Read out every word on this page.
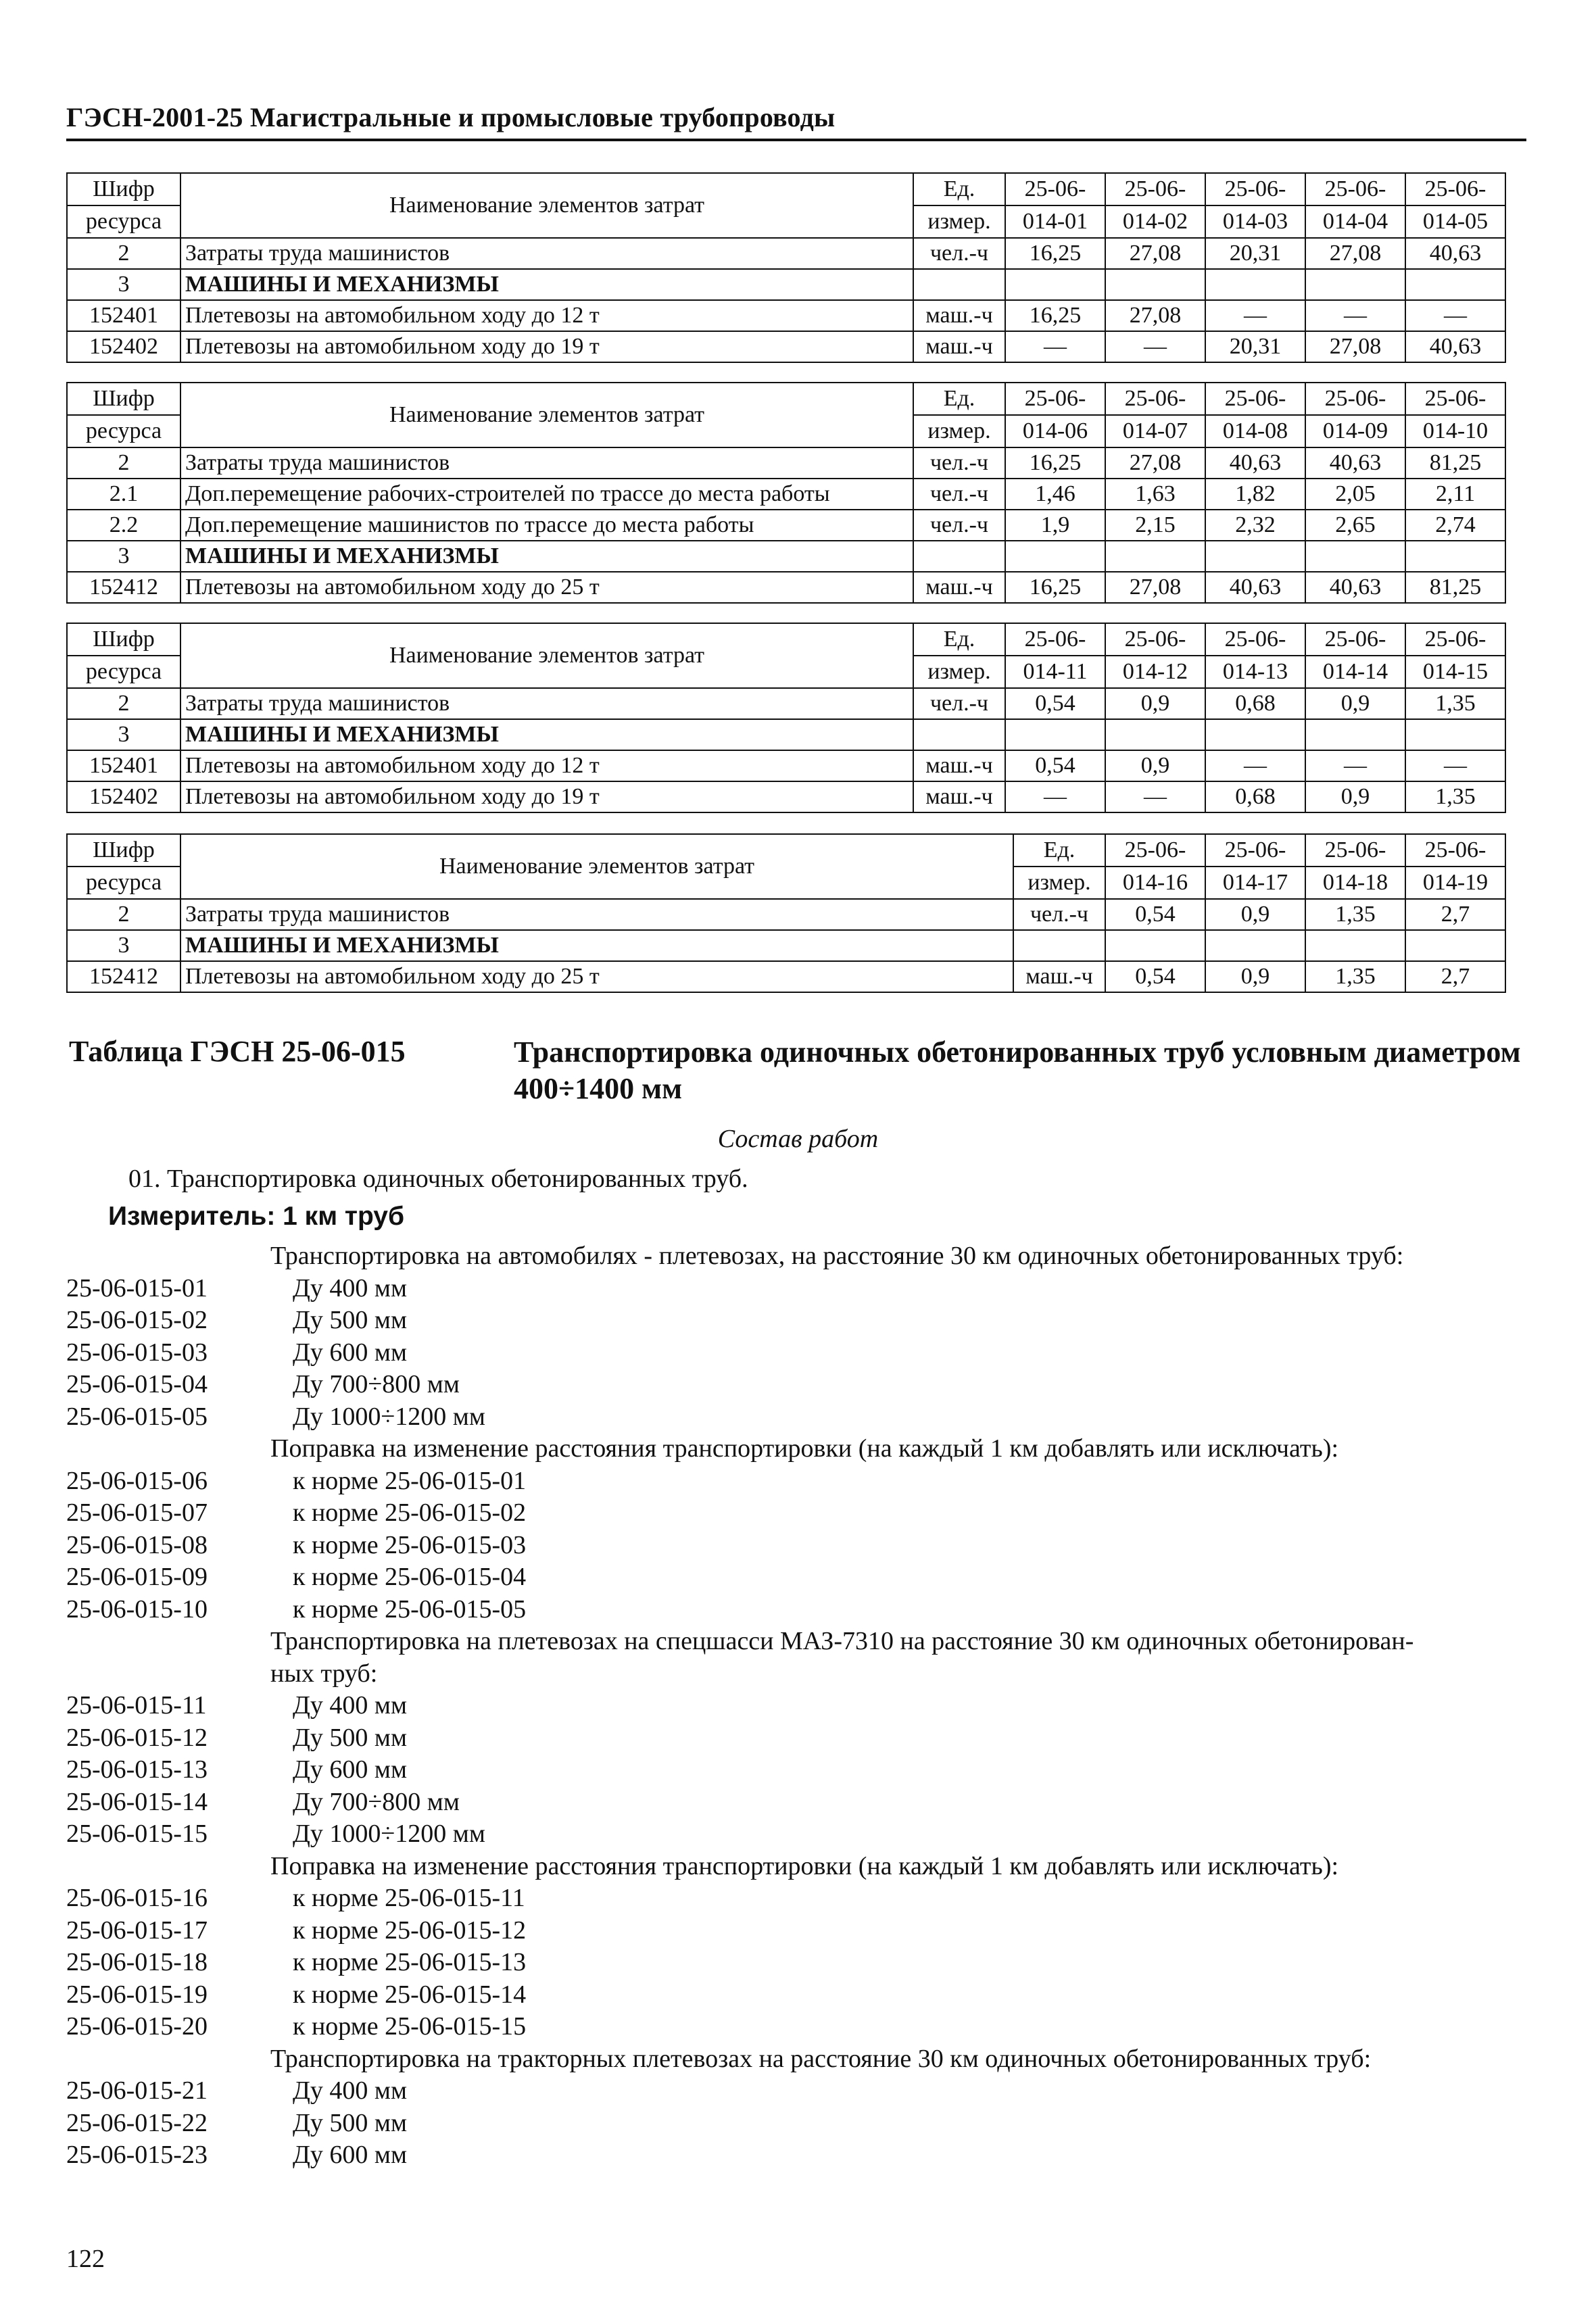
ГЭСН-2001-25 Магистральные и промысловые трубопроводы
Шифр	Наименование элементов затрат	Ед.	25-06-	25-06-	25-06-	25-06-	25-06-
ресурса		измер.	014-01	014-02	014-03	014-04	014-05
2	Затраты труда машинистов	чел.-ч	16,25	27,08	20,31	27,08	40,63
3	МАШИНЫ И МЕХАНИЗМЫ						
152401	Плетевозы на автомобильном ходу до 12 т	маш.-ч	16,25	27,08	—	—	—
152402	Плетевозы на автомобильном ходу до 19 т	маш.-ч	—	—	20,31	27,08	40,63
Шифр	Наименование элементов затрат	Ед.	25-06-	25-06-	25-06-	25-06-	25-06-
ресурса		измер.	014-06	014-07	014-08	014-09	014-10
2	Затраты труда машинистов	чел.-ч	16,25	27,08	40,63	40,63	81,25
2.1	Доп.перемещение рабочих-строителей по трассе до места работы	чел.-ч	1,46	1,63	1,82	2,05	2,11
2.2	Доп.перемещение машинистов по трассе до места работы	чел.-ч	1,9	2,15	2,32	2,65	2,74
3	МАШИНЫ И МЕХАНИЗМЫ						
152412	Плетевозы на автомобильном ходу до 25 т	маш.-ч	16,25	27,08	40,63	40,63	81,25
Шифр	Наименование элементов затрат	Ед.	25-06-	25-06-	25-06-	25-06-	25-06-
ресурса		измер.	014-11	014-12	014-13	014-14	014-15
2	Затраты труда машинистов	чел.-ч	0,54	0,9	0,68	0,9	1,35
3	МАШИНЫ И МЕХАНИЗМЫ						
152401	Плетевозы на автомобильном ходу до 12 т	маш.-ч	0,54	0,9	—	—	—
152402	Плетевозы на автомобильном ходу до 19 т	маш.-ч	—	—	0,68	0,9	1,35
Шифр	Наименование элементов затрат	Ед.	25-06-	25-06-	25-06-	25-06-
ресурса		измер.	014-16	014-17	014-18	014-19
2	Затраты труда машинистов	чел.-ч	0,54	0,9	1,35	2,7
3	МАШИНЫ И МЕХАНИЗМЫ					
152412	Плетевозы на автомобильном ходу до 25 т	маш.-ч	0,54	0,9	1,35	2,7
Таблица ГЭСН 25-06-015	Транспортировка одиночных обетонированных труб условным диаметром 400÷1400 мм
Состав работ
01. Транспортировка одиночных обетонированных труб.
Измеритель: 1 км труб
Транспортировка на автомобилях - плетевозах, на расстояние 30 км одиночных обетонированных труб:
25-06-015-01	Ду 400 мм
25-06-015-02	Ду 500 мм
25-06-015-03	Ду 600 мм
25-06-015-04	Ду 700÷800 мм
25-06-015-05	Ду 1000÷1200 мм
Поправка на изменение расстояния транспортировки (на каждый 1 км добавлять или исключать):
25-06-015-06	к норме 25-06-015-01
25-06-015-07	к норме 25-06-015-02
25-06-015-08	к норме 25-06-015-03
25-06-015-09	к норме 25-06-015-04
25-06-015-10	к норме 25-06-015-05
Транспортировка на плетевозах на спецшасси МАЗ-7310 на расстояние 30 км одиночных обетонирован-
ных труб:
25-06-015-11	Ду 400 мм
25-06-015-12	Ду 500 мм
25-06-015-13	Ду 600 мм
25-06-015-14	Ду 700÷800 мм
25-06-015-15	Ду 1000÷1200 мм
Поправка на изменение расстояния транспортировки (на каждый 1 км добавлять или исключать):
25-06-015-16	к норме 25-06-015-11
25-06-015-17	к норме 25-06-015-12
25-06-015-18	к норме 25-06-015-13
25-06-015-19	к норме 25-06-015-14
25-06-015-20	к норме 25-06-015-15
Транспортировка на тракторных плетевозах на расстояние 30 км одиночных обетонированных труб:
25-06-015-21	Ду 400 мм
25-06-015-22	Ду 500 мм
25-06-015-23	Ду 600 мм
122
